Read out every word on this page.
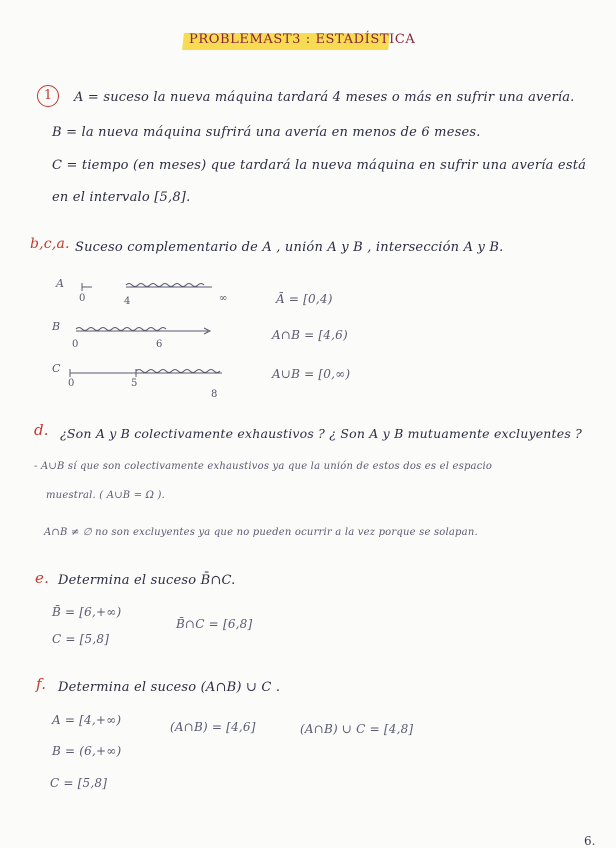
PROBLEMAST3 : ESTADÍSTICA
1	A = suceso la nueva máquina tardará 4 meses o más en sufrir una avería.
B = la nueva máquina sufrirá una avería en menos de 6 meses.
C = tiempo (en meses) que tardará la nueva máquina en sufrir una avería está
en el intervalo [5,8].
b,c,a. Suceso complementario de A , unión A y B , intersección A y B.
A
0	4	∞
B
0	6
C
0	5
8
Ā = [0,4)
A∩B = [4,6)
A∪B = [0,∞)
d. ¿Son A y B colectivamente exhaustivos ? ¿ Son A y B mutuamente excluyentes ?
- A∪B sí que son colectivamente exhaustivos ya que la unión de estos dos es el espacio
muestral. ( A∪B = Ω ).
A∩B ≠ ∅ no son excluyentes ya que no pueden ocurrir a la vez porque se solapan.
e. Determina el suceso B̄∩C.
B̄ = [6,+∞)
C = [5,8]
B̄∩C = [6,8]
f. Determina el suceso (A∩B) ∪ C .
A = [4,+∞)
B = (6,+∞)
C = [5,8]
(A∩B) = [4,6]	(A∩B) ∪ C = [4,8]
6.
